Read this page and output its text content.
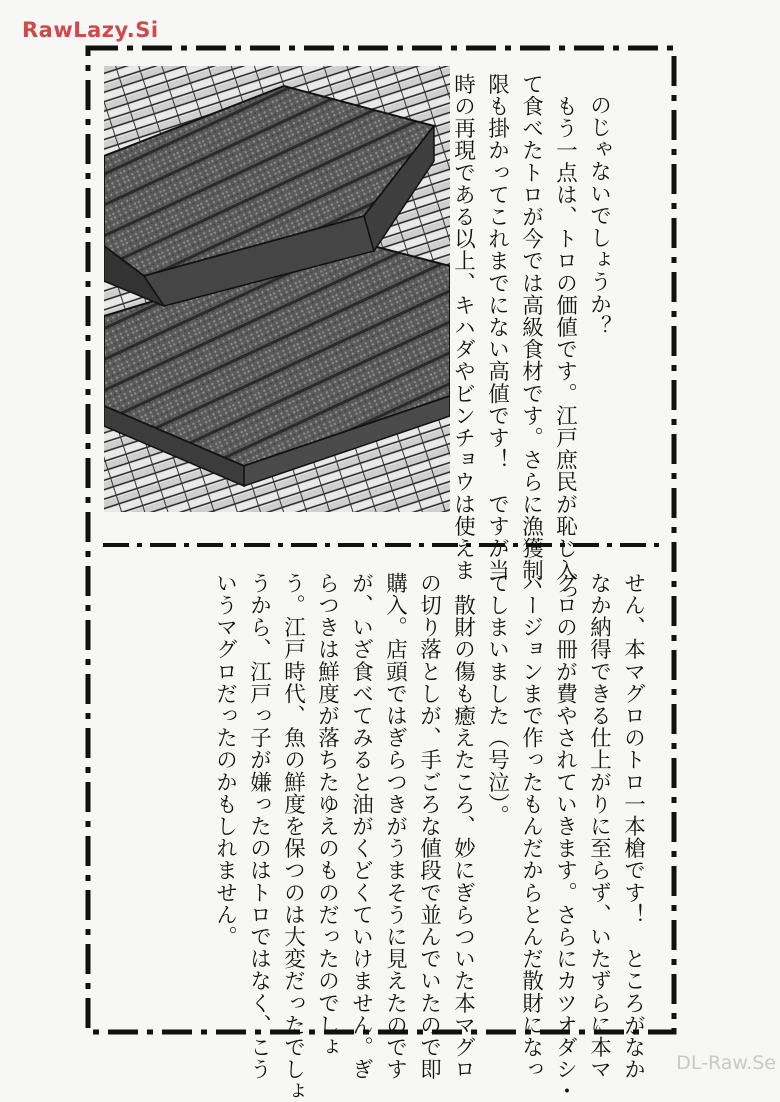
RawLazy.Si
のじゃないでしょうか？
　もう一点は、トロの価値です。江戸庶民が恥じ入っ
て食べたトロが今では高級食材です。さらに漁獲制
限も掛かってこれまでにない高値です！　ですが当
時の再現である以上、キハダやビンチョウは使えま
せん、本マグロのトロ一本槍です！　ところがなか
なか納得できる仕上がりに至らず、いたずらに本マ
グロの冊が費やされていきます。さらにカツオダシ・
バージョンまで作ったもんだからとんだ散財になっ
てしまいました（号泣）。
　散財の傷も癒えたころ、妙にぎらついた本マグロ
の切り落としが、手ごろな値段で並んでいたので即
購入。店頭ではぎらつきがうまそうに見えたのです
が、いざ食べてみると油がくどくていけません。ぎ
らつきは鮮度が落ちたゆえのものだったのでしょ
う。江戸時代、魚の鮮度を保つのは大変だったでしょ
うから、江戸っ子が嫌ったのはトロではなく、こう
いうマグロだったのかもしれません。
DL-Raw.Se
